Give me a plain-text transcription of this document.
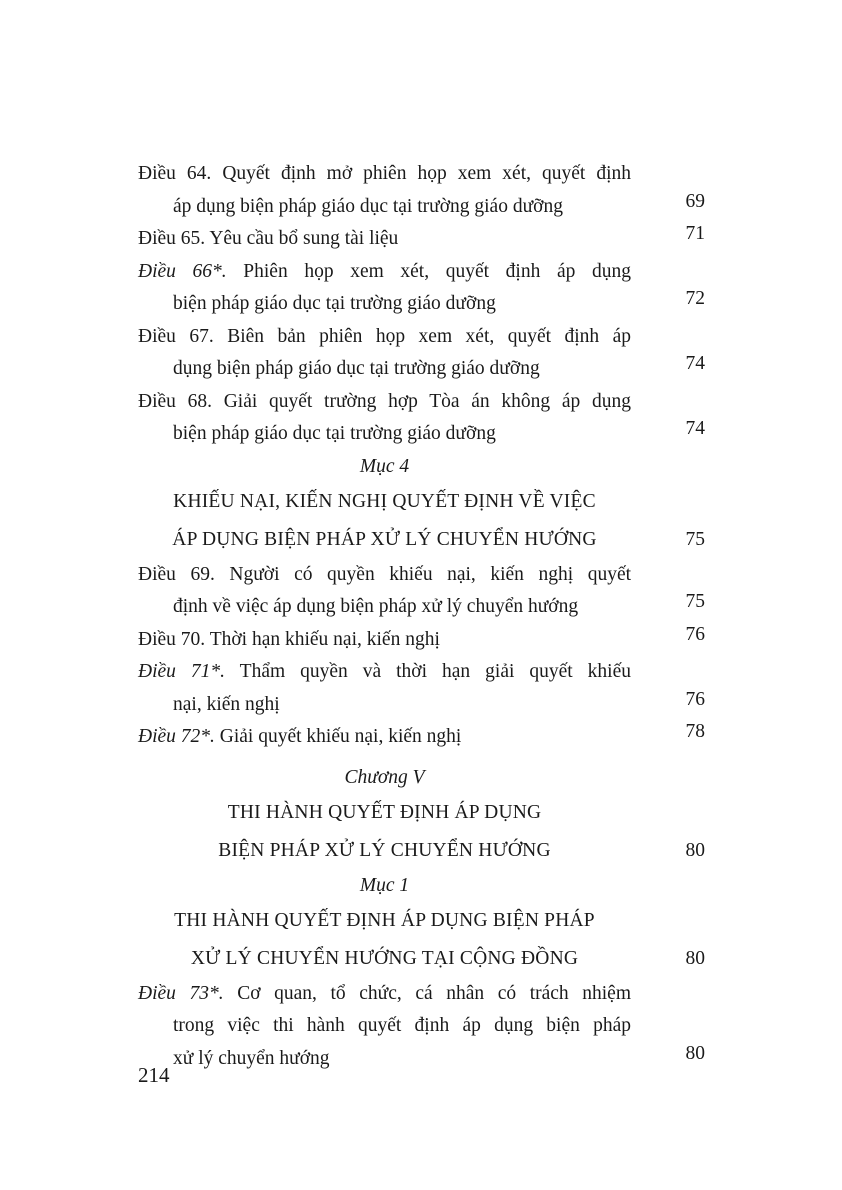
Điều 64. Quyết định mở phiên họp xem xét, quyết định
áp dụng biện pháp giáo dục tại trường giáo dưỡng	69
Điều 65. Yêu cầu bổ sung tài liệu	71
Điều 66*. Phiên họp xem xét, quyết định áp dụng
biện pháp giáo dục tại trường giáo dưỡng	72
Điều 67. Biên bản phiên họp xem xét, quyết định áp
dụng biện pháp giáo dục tại trường giáo dưỡng	74
Điều 68. Giải quyết trường hợp Tòa án không áp dụng
biện pháp giáo dục tại trường giáo dưỡng	74
Mục 4
KHIẾU NẠI, KIẾN NGHỊ QUYẾT ĐỊNH VỀ VIỆC
ÁP DỤNG BIỆN PHÁP XỬ LÝ CHUYỂN HƯỚNG	75
Điều 69. Người có quyền khiếu nại, kiến nghị quyết
định về việc áp dụng biện pháp xử lý chuyển hướng	75
Điều 70. Thời hạn khiếu nại, kiến nghị	76
Điều 71*. Thẩm quyền và thời hạn giải quyết khiếu
nại, kiến nghị	76
Điều 72*. Giải quyết khiếu nại, kiến nghị	78
Chương V
THI HÀNH QUYẾT ĐỊNH ÁP DỤNG
BIỆN PHÁP XỬ LÝ CHUYỂN HƯỚNG	80
Mục 1
THI HÀNH QUYẾT ĐỊNH ÁP DỤNG BIỆN PHÁP
XỬ LÝ CHUYỂN HƯỚNG TẠI CỘNG ĐỒNG	80
Điều 73*. Cơ quan, tổ chức, cá nhân có trách nhiệm
trong việc thi hành quyết định áp dụng biện pháp
xử lý chuyển hướng	80
214
